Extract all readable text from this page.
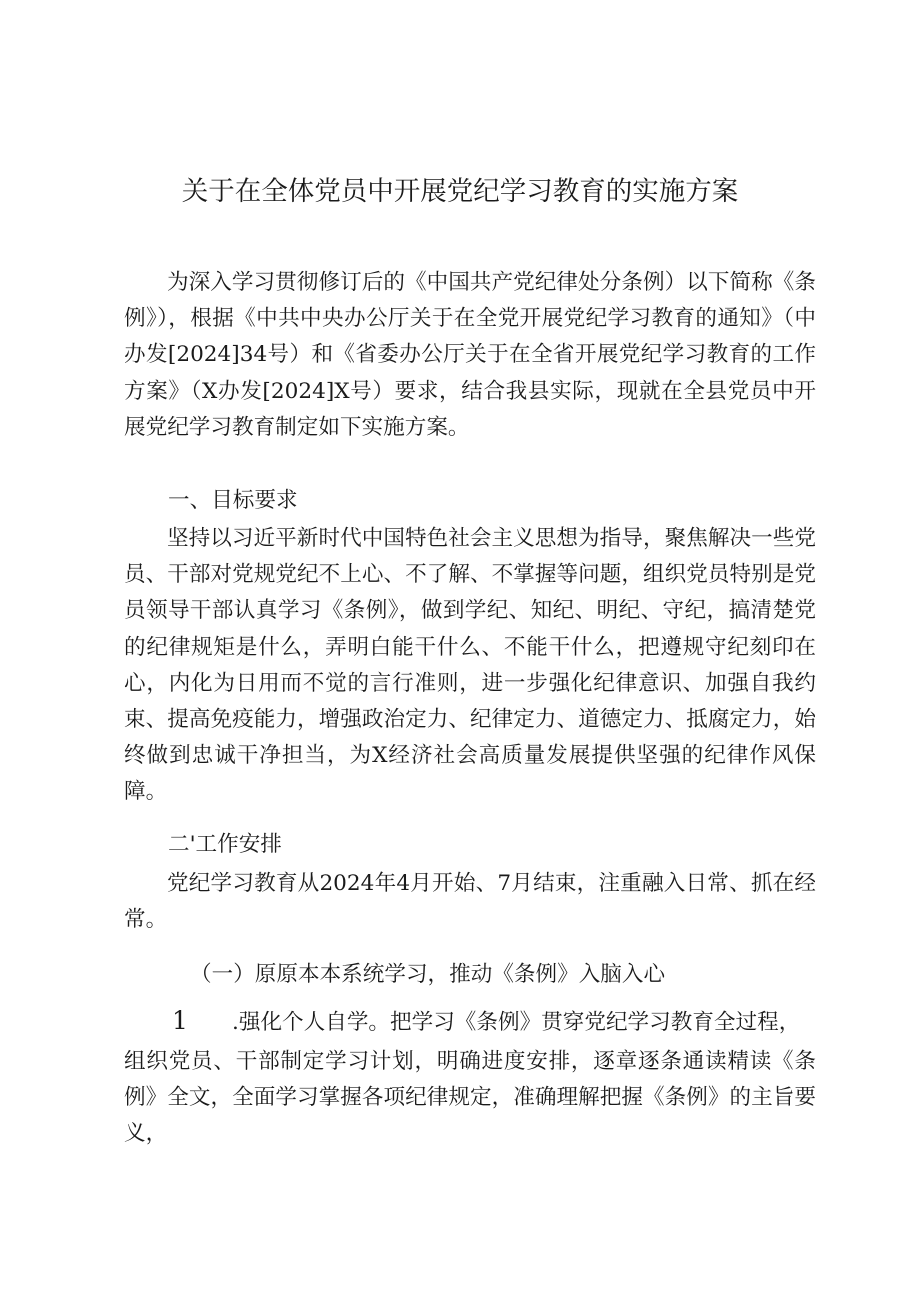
关于在全体党员中开展党纪学习教育的实施方案

为深入学习贯彻修订后的《中国共产党纪律处分条例）以下简称《条例》），根据《中共中央办公厅关于在全党开展党纪学习教育的通知》（中办发[2024]34号）和《省委办公厅关于在全省开展党纪学习教育的工作方案》（X办发[2024]X号）要求，结合我县实际，现就在全县党员中开展党纪学习教育制定如下实施方案。

一、目标要求

坚持以习近平新时代中国特色社会主义思想为指导，聚焦解决一些党员、干部对党规党纪不上心、不了解、不掌握等问题，组织党员特别是党员领导干部认真学习《条例》，做到学纪、知纪、明纪、守纪，搞清楚党的纪律规矩是什么，弄明白能干什么、不能干什么，把遵规守纪刻印在心，内化为日用而不觉的言行准则，进一步强化纪律意识、加强自我约束、提高免疫能力，增强政治定力、纪律定力、道德定力、抵腐定力，始终做到忠诚干净担当，为X经济社会高质量发展提供坚强的纪律作风保障。

二'工作安排

党纪学习教育从2024年4月开始、7月结束，注重融入日常、抓在经常。

（一）原原本本系统学习，推动《条例》入脑入心
1 .强化个人自学。把学习《条例》贯穿党纪学习教育全过程，

组织党员、干部制定学习计划，明确进度安排，逐章逐条通读精读《条例》全文，全面学习掌握各项纪律规定，准确理解把握《条例》的主旨要义，
